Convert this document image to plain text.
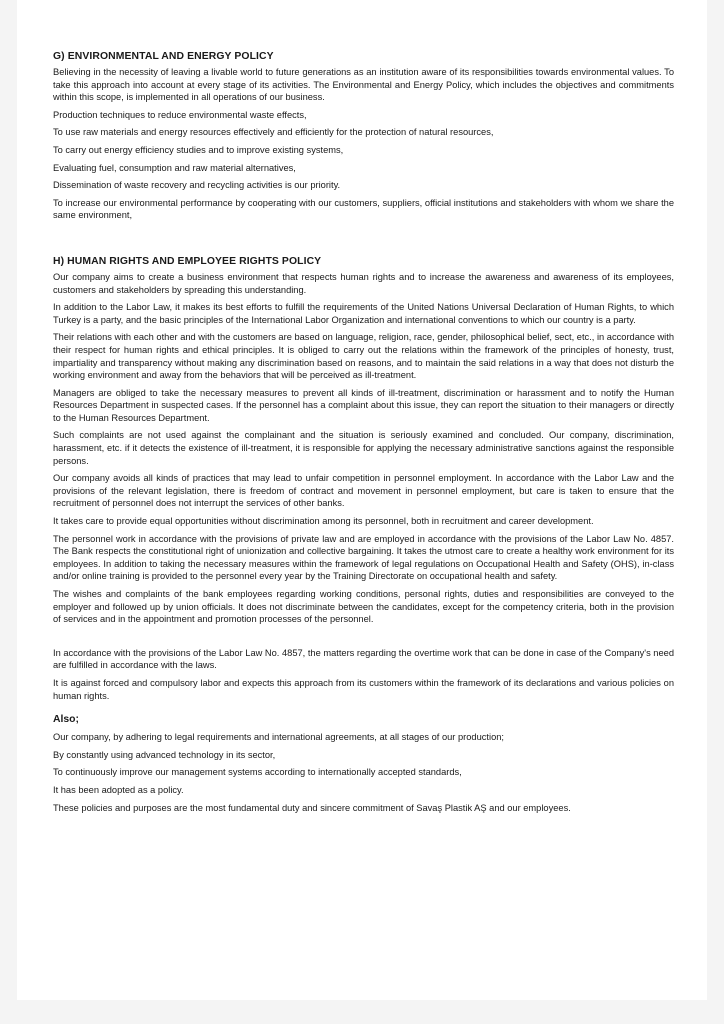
G) ENVIRONMENTAL AND ENERGY POLICY

Believing in the necessity of leaving a livable world to future generations as an institution aware of its responsibilities towards environmental values. To take this approach into account at every stage of its activities. The Environmental and Energy Policy, which includes the objectives and commitments within this scope, is implemented in all operations of our business.

Production techniques to reduce environmental waste effects,

To use raw materials and energy resources effectively and efficiently for the protection of natural resources,

To carry out energy efficiency studies and to improve existing systems,

Evaluating fuel, consumption and raw material alternatives,

Dissemination of waste recovery and recycling activities is our priority.

To increase our environmental performance by cooperating with our customers, suppliers, official institutions and stakeholders with whom we share the same environment,

H) HUMAN RIGHTS AND EMPLOYEE RIGHTS POLICY

Our company aims to create a business environment that respects human rights and to increase the awareness and awareness of its employees, customers and stakeholders by spreading this understanding.

In addition to the Labor Law, it makes its best efforts to fulfill the requirements of the United Nations Universal Declaration of Human Rights, to which Turkey is a party, and the basic principles of the International Labor Organization and international conventions to which our country is a party.

Their relations with each other and with the customers are based on language, religion, race, gender, philosophical belief, sect, etc., in accordance with their respect for human rights and ethical principles. It is obliged to carry out the relations within the framework of the principles of honesty, trust, impartiality and transparency without making any discrimination based on reasons, and to maintain the said relations in a way that does not disturb the working environment and away from the behaviors that will be perceived as ill-treatment.

Managers are obliged to take the necessary measures to prevent all kinds of ill-treatment, discrimination or harassment and to notify the Human Resources Department in suspected cases. If the personnel has a complaint about this issue, they can report the situation to their managers or directly to the Human Resources Department.

Such complaints are not used against the complainant and the situation is seriously examined and concluded. Our company, discrimination, harassment, etc. if it detects the existence of ill-treatment, it is responsible for applying the necessary administrative sanctions against the responsible persons.

Our company avoids all kinds of practices that may lead to unfair competition in personnel employment. In accordance with the Labor Law and the provisions of the relevant legislation, there is freedom of contract and movement in personnel employment, but care is taken to ensure that the recruitment of personnel does not interrupt the services of other banks.

It takes care to provide equal opportunities without discrimination among its personnel, both in recruitment and career development.

The personnel work in accordance with the provisions of private law and are employed in accordance with the provisions of the Labor Law No. 4857. The Bank respects the constitutional right of unionization and collective bargaining. It takes the utmost care to create a healthy work environment for its employees. In addition to taking the necessary measures within the framework of legal regulations on Occupational Health and Safety (OHS), in-class and/or online training is provided to the personnel every year by the Training Directorate on occupational health and safety.

The wishes and complaints of the bank employees regarding working conditions, personal rights, duties and responsibilities are conveyed to the employer and followed up by union officials. It does not discriminate between the candidates, except for the competency criteria, both in the provision of services and in the appointment and promotion processes of the personnel.

In accordance with the provisions of the Labor Law No. 4857, the matters regarding the overtime work that can be done in case of the Company's need are fulfilled in accordance with the laws.

It is against forced and compulsory labor and expects this approach from its customers within the framework of its declarations and various policies on human rights.

Also;

Our company, by adhering to legal requirements and international agreements, at all stages of our production;

By constantly using advanced technology in its sector,

To continuously improve our management systems according to internationally accepted standards,

It has been adopted as a policy.

These policies and purposes are the most fundamental duty and sincere commitment of Savaş Plastik AŞ and our employees.
